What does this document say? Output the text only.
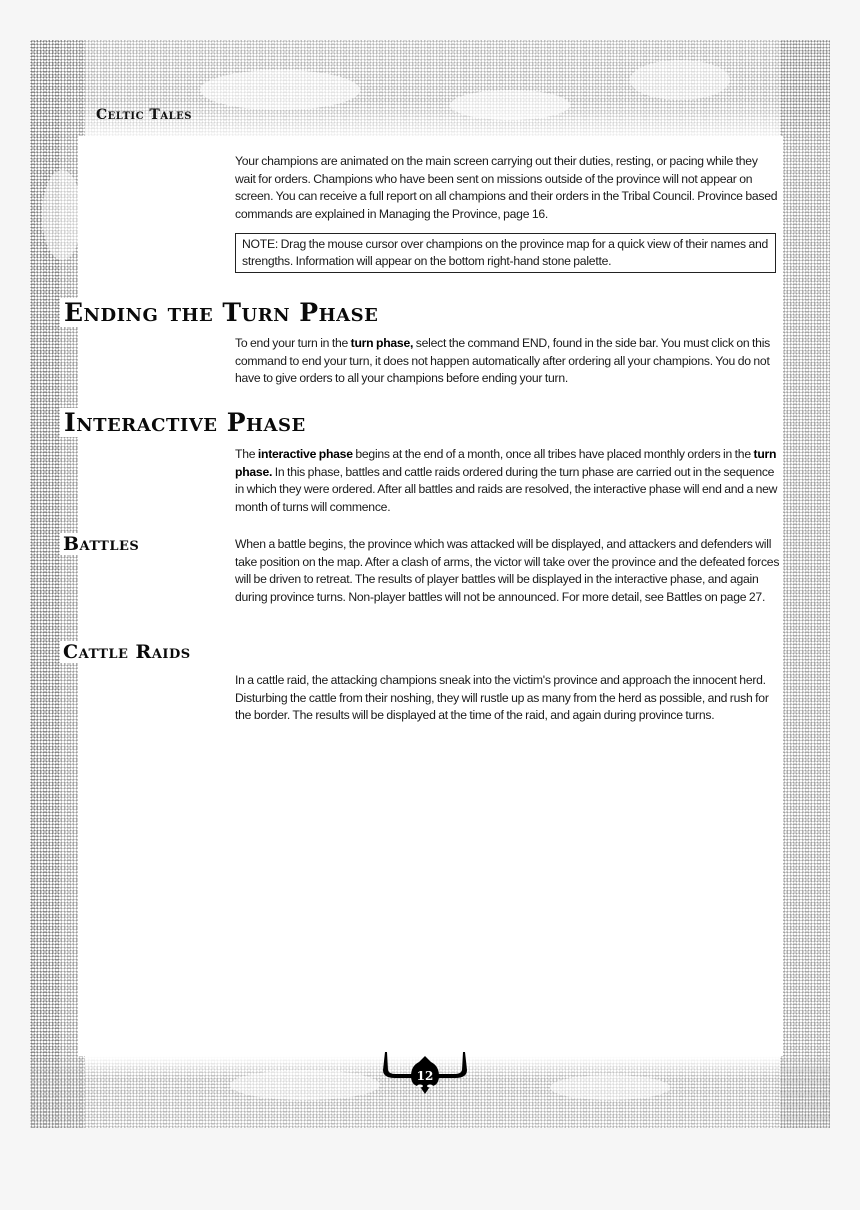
Celtic Tales
Your champions are animated on the main screen carrying out their duties, resting, or pacing while they wait for orders. Champions who have been sent on missions outside of the province will not appear on screen. You can receive a full report on all champions and their orders in the Tribal Council. Province based commands are explained in Managing the Province, page 16.
NOTE: Drag the mouse cursor over champions on the province map for a quick view of their names and strengths. Information will appear on the bottom right-hand stone palette.
Ending the Turn Phase
To end your turn in the turn phase, select the command END, found in the side bar. You must click on this command to end your turn, it does not happen automatically after ordering all your champions. You do not have to give orders to all your champions before ending your turn.
Interactive Phase
The interactive phase begins at the end of a month, once all tribes have placed monthly orders in the turn phase. In this phase, battles and cattle raids ordered during the turn phase are carried out in the sequence in which they were ordered. After all battles and raids are resolved, the interactive phase will end and a new month of turns will commence.
Battles	When a battle begins, the province which was attacked will be displayed, and attackers and defenders will take position on the map. After a clash of arms, the victor will take over the province and the defeated forces will be driven to retreat. The results of player battles will be displayed in the interactive phase, and again during province turns. Non-player battles will not be announced. For more detail, see Battles on page 27.
Cattle Raids
In a cattle raid, the attacking champions sneak into the victim's province and approach the innocent herd. Disturbing the cattle from their noshing, they will rustle up as many from the herd as possible, and rush for the border. The results will be displayed at the time of the raid, and again during province turns.
12
